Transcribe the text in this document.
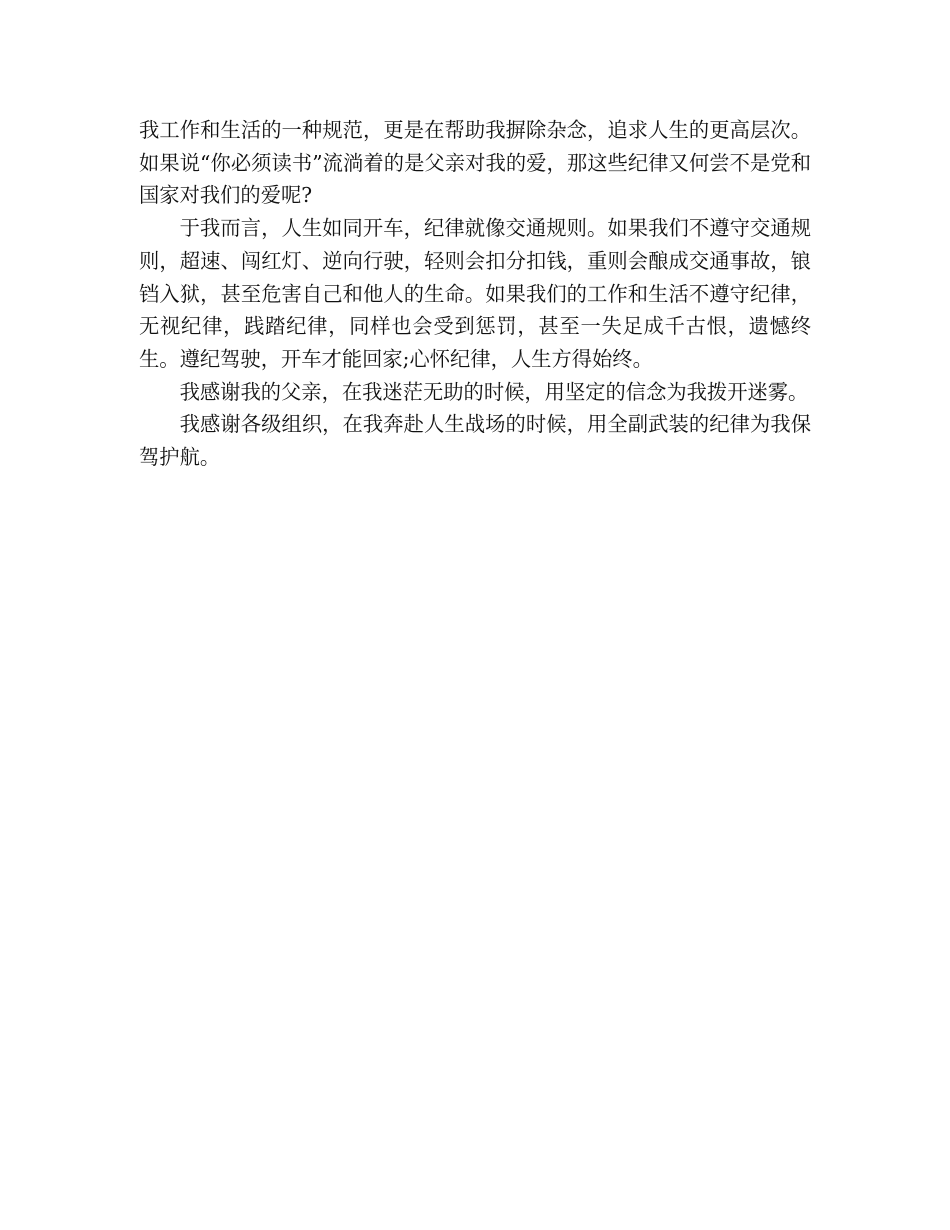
我工作和生活的一种规范，更是在帮助我摒除杂念，追求人生的更高层次。如果说“你必须读书”流淌着的是父亲对我的爱，那这些纪律又何尝不是党和国家对我们的爱呢?

于我而言，人生如同开车，纪律就像交通规则。如果我们不遵守交通规则，超速、闯红灯、逆向行驶，轻则会扣分扣钱，重则会酿成交通事故，锒铛入狱，甚至危害自己和他人的生命。如果我们的工作和生活不遵守纪律，无视纪律，践踏纪律，同样也会受到惩罚，甚至一失足成千古恨，遗憾终生。遵纪驾驶，开车才能回家;心怀纪律，人生方得始终。

我感谢我的父亲，在我迷茫无助的时候，用坚定的信念为我拨开迷雾。

我感谢各级组织，在我奔赴人生战场的时候，用全副武装的纪律为我保驾护航。
